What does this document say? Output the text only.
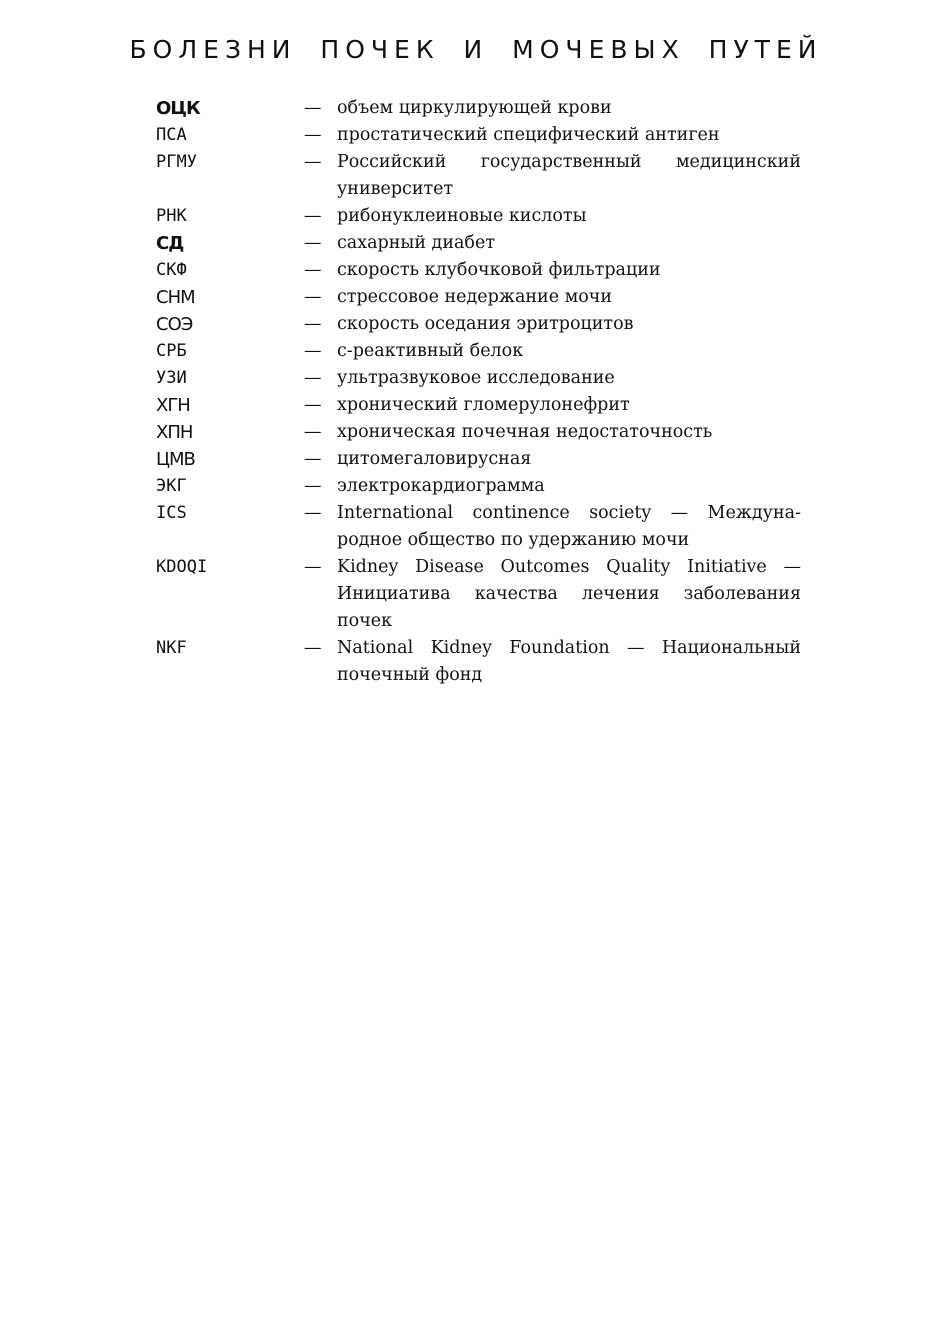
БОЛЕЗНИ ПОЧЕК И МОЧЕВЫХ ПУТЕЙ
ОЦК	— объем циркулирующей крови
ПСА	— простатический специфический антиген
РГМУ	— Российский государственный медицинский университет
РНК	— рибонуклеиновые кислоты
СД	— сахарный диабет
СКФ	— скорость клубочковой фильтрации
СНМ	— стрессовое недержание мочи
СОЭ	— скорость оседания эритроцитов
СРБ	— с-реактивный белок
УЗИ	— ультразвуковое исследование
ХГН	— хронический гломерулонефрит
ХПН	— хроническая почечная недостаточность
ЦМВ	— цитомегаловирусная
ЭКГ	— электрокардиограмма
ICS	— International continence society — Международное общество по удержанию мочи
KDOQI	— Kidney Disease Outcomes Quality Initiative — Инициатива качества лечения заболевания почек
NKF	— National Kidney Foundation — Национальный почечный фонд
